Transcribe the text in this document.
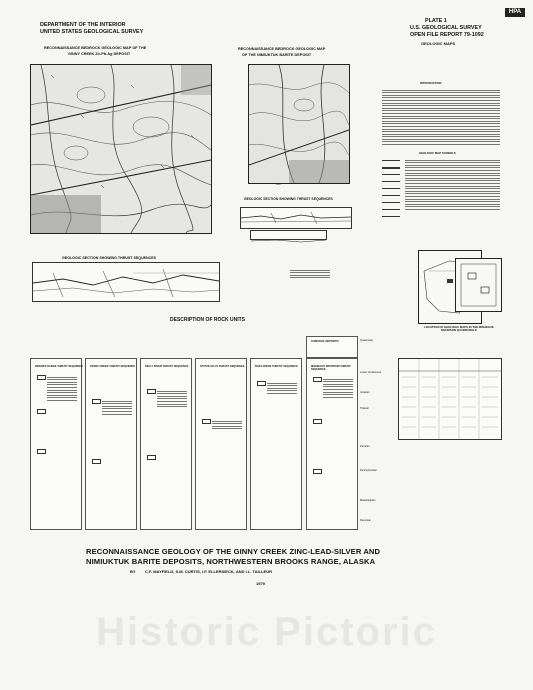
DEPARTMENT OF THE INTERIOR
UNITED STATES GEOLOGICAL SURVEY
PLATE 1
U.S. GEOLOGICAL SURVEY
OPEN FILE REPORT 79-1092
GEOLOGIC MAPS
HPA
RECONNAISSANCE BEDROCK GEOLOGIC MAP OF THE
GINNY CREEK Zn-Pb-Ag DEPOSIT
RECONNAISSANCE BEDROCK GEOLOGIC MAP
OF THE NIMIUKTUK BARITE DEPOSIT
━━━
GEOLOGIC SECTION SHOWING THRUST SEQUENCES
GEOLOGIC SECTION SHOWING THRUST SEQUENCES
INTRODUCTION
GEOLOGIC MAP SYMBOLS
LOCATION OF GEOLOGIC MAPS IN THE MISHEGUK MOUNTAIN QUADRANGLE
DESCRIPTION OF ROCK UNITS
BROOKS RANGE THRUST SEQUENCE	PICNIC CREEK THRUST SEQUENCE	KELLY RIVER THRUST SEQUENCE	IVOTUK HILLS THRUST SEQUENCE	NUKA RIDGE THRUST SEQUENCE	MISHEGUK MOUNTAIN THRUST SEQUENCE
SURFICIAL DEPOSITS	Quaternary
Lower Cretaceous
Jurassic
Triassic
Permian
Pennsylvanian
Mississippian
Devonian
RECONNAISSANCE GEOLOGY OF THE GINNY CREEK ZINC-LEAD-SILVER AND
NIMIUKTUK BARITE DEPOSITS, NORTHWESTERN BROOKS RANGE, ALASKA
BY C.F. MAYFIELD, S.M. CURTIS, I.F. ELLERSIECK, AND I.L. TAILLEUR
1979
Historic Pictoric
